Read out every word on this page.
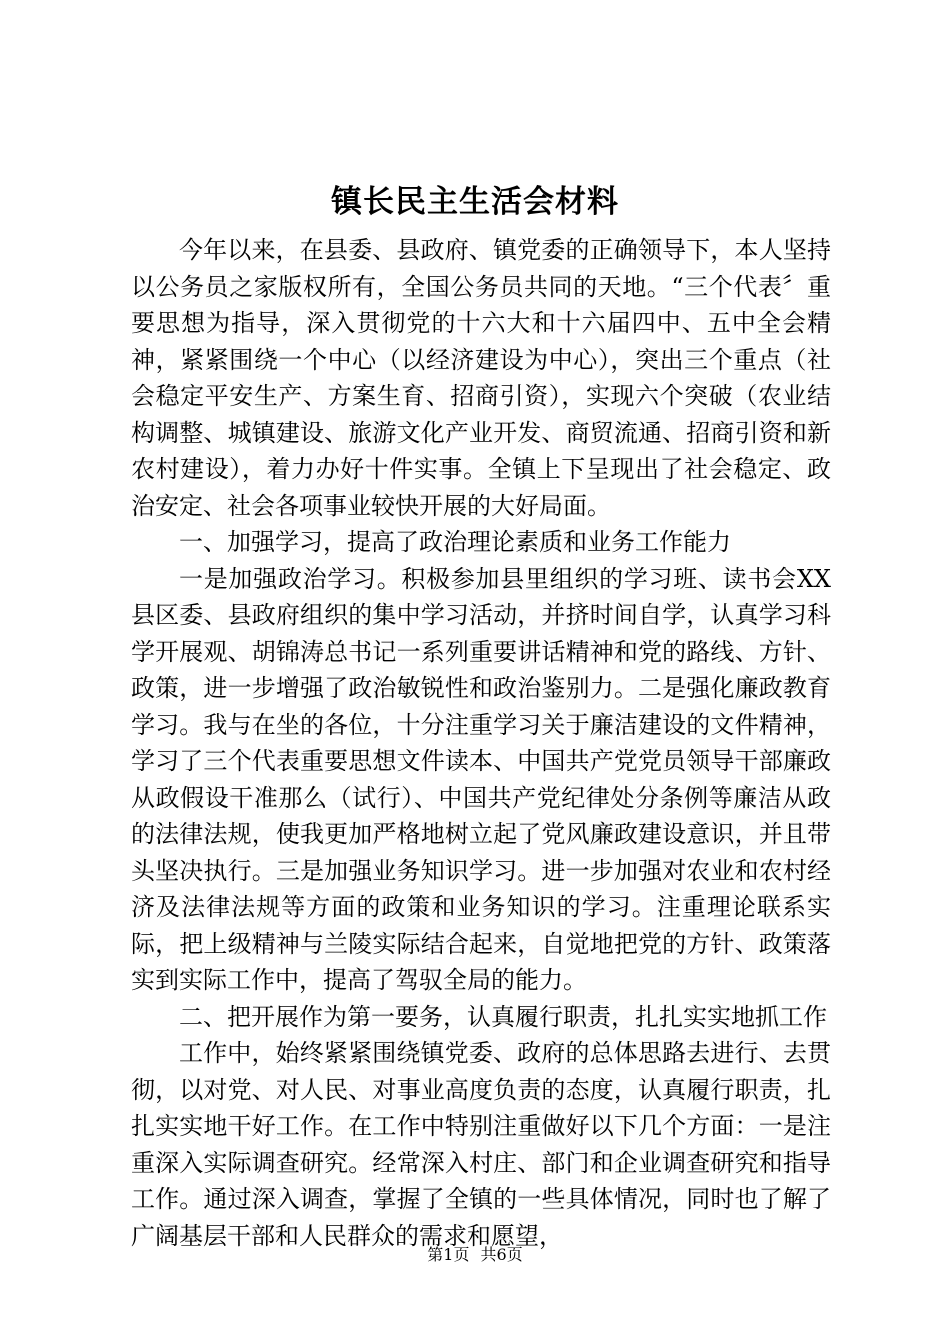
镇长民主生活会材料

今年以来，在县委、县政府、镇党委的正确领导下，本人坚持以公务员之家版权所有，全国公务员共同的天地。“三个代表〞重要思想为指导，深入贯彻党的十六大和十六届四中、五中全会精神，紧紧围绕一个中心（以经济建设为中心），突出三个重点（社会稳定平安生产、方案生育、招商引资），实现六个突破（农业结构调整、城镇建设、旅游文化产业开发、商贸流通、招商引资和新农村建设），着力办好十件实事。全镇上下呈现出了社会稳定、政治安定、社会各项事业较快开展的大好局面。

一、加强学习，提高了政治理论素质和业务工作能力

一是加强政治学习。积极参加县里组织的学习班、读书会XX县区委、县政府组织的集中学习活动，并挤时间自学，认真学习科学开展观、胡锦涛总书记一系列重要讲话精神和党的路线、方针、政策，进一步增强了政治敏锐性和政治鉴别力。二是强化廉政教育学习。我与在坐的各位，十分注重学习关于廉洁建设的文件精神，学习了三个代表重要思想文件读本、中国共产党党员领导干部廉政从政假设干准那么（试行）、中国共产党纪律处分条例等廉洁从政的法律法规，使我更加严格地树立起了党风廉政建设意识，并且带头坚决执行。三是加强业务知识学习。进一步加强对农业和农村经济及法律法规等方面的政策和业务知识的学习。注重理论联系实际，把上级精神与兰陵实际结合起来，自觉地把党的方针、政策落实到实际工作中，提高了驾驭全局的能力。

二、把开展作为第一要务，认真履行职责，扎扎实实地抓工作

工作中，始终紧紧围绕镇党委、政府的总体思路去进行、去贯彻，以对党、对人民、对事业高度负责的态度，认真履行职责，扎扎实实地干好工作。在工作中特别注重做好以下几个方面：一是注重深入实际调查研究。经常深入村庄、部门和企业调查研究和指导工作。通过深入调查，掌握了全镇的一些具体情况，同时也了解了广阔基层干部和人民群众的需求和愿望，

第1页 共6页
